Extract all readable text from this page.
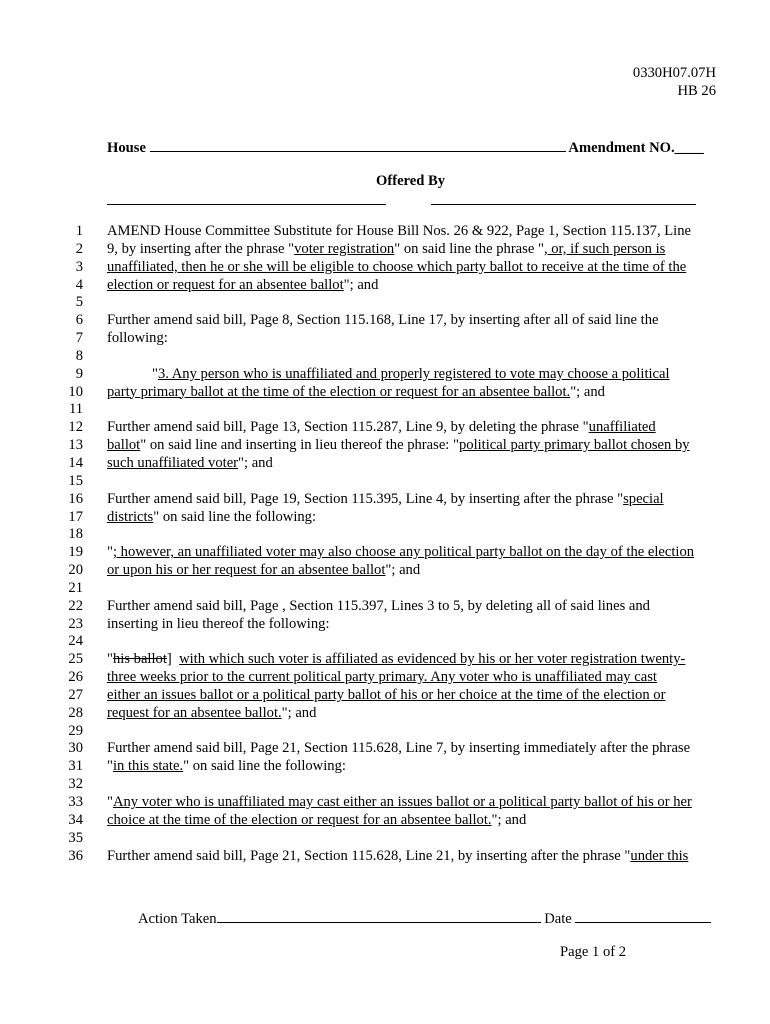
0330H07.07H
HB 26
House	Amendment NO.____
Offered By
1 AMEND House Committee Substitute for House Bill Nos. 26 & 922, Page 1, Section 115.137, Line
2 9, by inserting after the phrase "voter registration" on said line the phrase ", or, if such person is
3 unaffiliated, then he or she will be eligible to choose which party ballot to receive at the time of the
4 election or request for an absentee ballot"; and
5
6 Further amend said bill, Page 8, Section 115.168, Line 17, by inserting after all of said line the
7 following:
8
9	"3. Any person who is unaffiliated and properly registered to vote may choose a political
10 party primary ballot at the time of the election or request for an absentee ballot."; and
11
12 Further amend said bill, Page 13, Section 115.287, Line 9, by deleting the phrase "unaffiliated
13 ballot" on said line and inserting in lieu thereof the phrase: "political party primary ballot chosen by
14 such unaffiliated voter"; and
15
16 Further amend said bill, Page 19, Section 115.395, Line 4, by inserting after the phrase "special
17 districts" on said line the following:
18
19 "; however, an unaffiliated voter may also choose any political party ballot on the day of the election
20 or upon his or her request for an absentee ballot"; and
21
22 Further amend said bill, Page , Section 115.397, Lines 3 to 5, by deleting all of said lines and
23 inserting in lieu thereof the following:
24
25 "his ballot]  with which such voter is affiliated as evidenced by his or her voter registration twenty-
26 three weeks prior to the current political party primary. Any voter who is unaffiliated may cast
27 either an issues ballot or a political party ballot of his or her choice at the time of the election or
28 request for an absentee ballot."; and
29
30 Further amend said bill, Page 21, Section 115.628, Line 7, by inserting immediately after the phrase
31 "in this state." on said line the following:
32
33 "Any voter who is unaffiliated may cast either an issues ballot or a political party ballot of his or her
34 choice at the time of the election or request for an absentee ballot."; and
35
36 Further amend said bill, Page 21, Section 115.628, Line 21, by inserting after the phrase "under this
Action Taken	Date
Page 1 of 2
